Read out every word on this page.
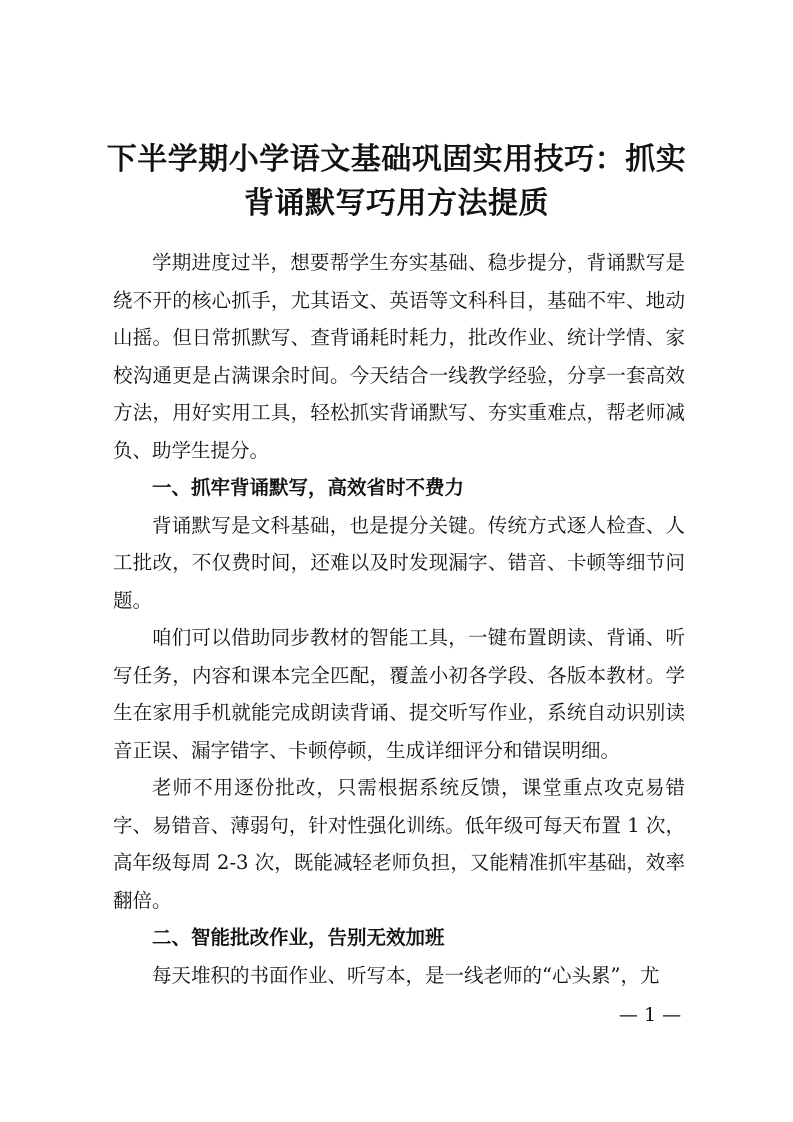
下半学期小学语文基础巩固实用技巧：抓实背诵默写巧用方法提质

学期进度过半，想要帮学生夯实基础、稳步提分，背诵默写是绕不开的核心抓手，尤其语文、英语等文科科目，基础不牢、地动山摇。但日常抓默写、查背诵耗时耗力，批改作业、统计学情、家校沟通更是占满课余时间。今天结合一线教学经验，分享一套高效方法，用好实用工具，轻松抓实背诵默写、夯实重难点，帮老师减负、助学生提分。

一、抓牢背诵默写，高效省时不费力

背诵默写是文科基础，也是提分关键。传统方式逐人检查、人工批改，不仅费时间，还难以及时发现漏字、错音、卡顿等细节问题。

咱们可以借助同步教材的智能工具，一键布置朗读、背诵、听写任务，内容和课本完全匹配，覆盖小初各学段、各版本教材。学生在家用手机就能完成朗读背诵、提交听写作业，系统自动识别读音正误、漏字错字、卡顿停顿，生成详细评分和错误明细。

老师不用逐份批改，只需根据系统反馈，课堂重点攻克易错字、易错音、薄弱句，针对性强化训练。低年级可每天布置 1 次，高年级每周 2-3 次，既能减轻老师负担，又能精准抓牢基础，效率翻倍。

二、智能批改作业，告别无效加班

每天堆积的书面作业、听写本，是一线老师的“心头累”，尤

— 1 —
